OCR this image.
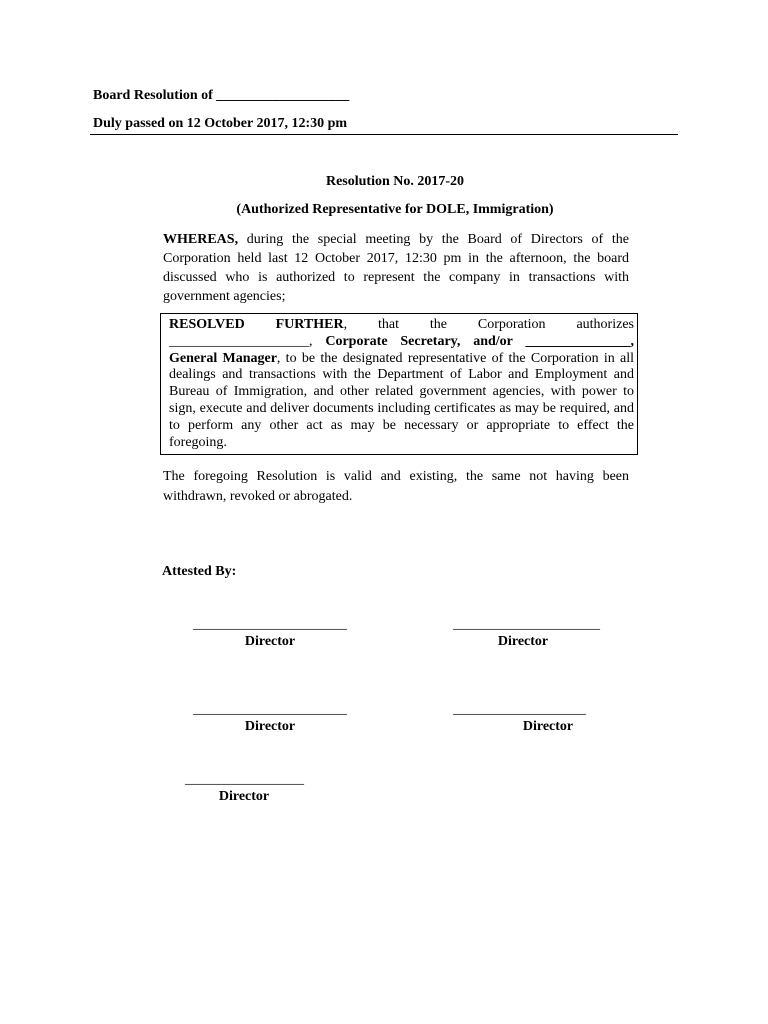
Board Resolution of ___________________
Duly passed on 12 October 2017, 12:30 pm
Resolution No. 2017-20
(Authorized Representative for DOLE, Immigration)
WHEREAS, during the special meeting by the Board of Directors of the Corporation held last 12 October 2017, 12:30 pm in the afternoon, the board discussed who is authorized to represent the company in transactions with government agencies;
RESOLVED FURTHER, that the Corporation authorizes ____________________, Corporate Secretary, and/or _______________, General Manager, to be the designated representative of the Corporation in all dealings and transactions with the Department of Labor and Employment and Bureau of Immigration, and other related government agencies, with power to sign, execute and deliver documents including certificates as may be required, and to perform any other act as may be necessary or appropriate to effect the foregoing.
The foregoing Resolution is valid and existing, the same not having been withdrawn, revoked or abrogated.
Attested By:
______________________
Director
_____________________
Director
______________________
Director
___________________
Director
_________________
Director
